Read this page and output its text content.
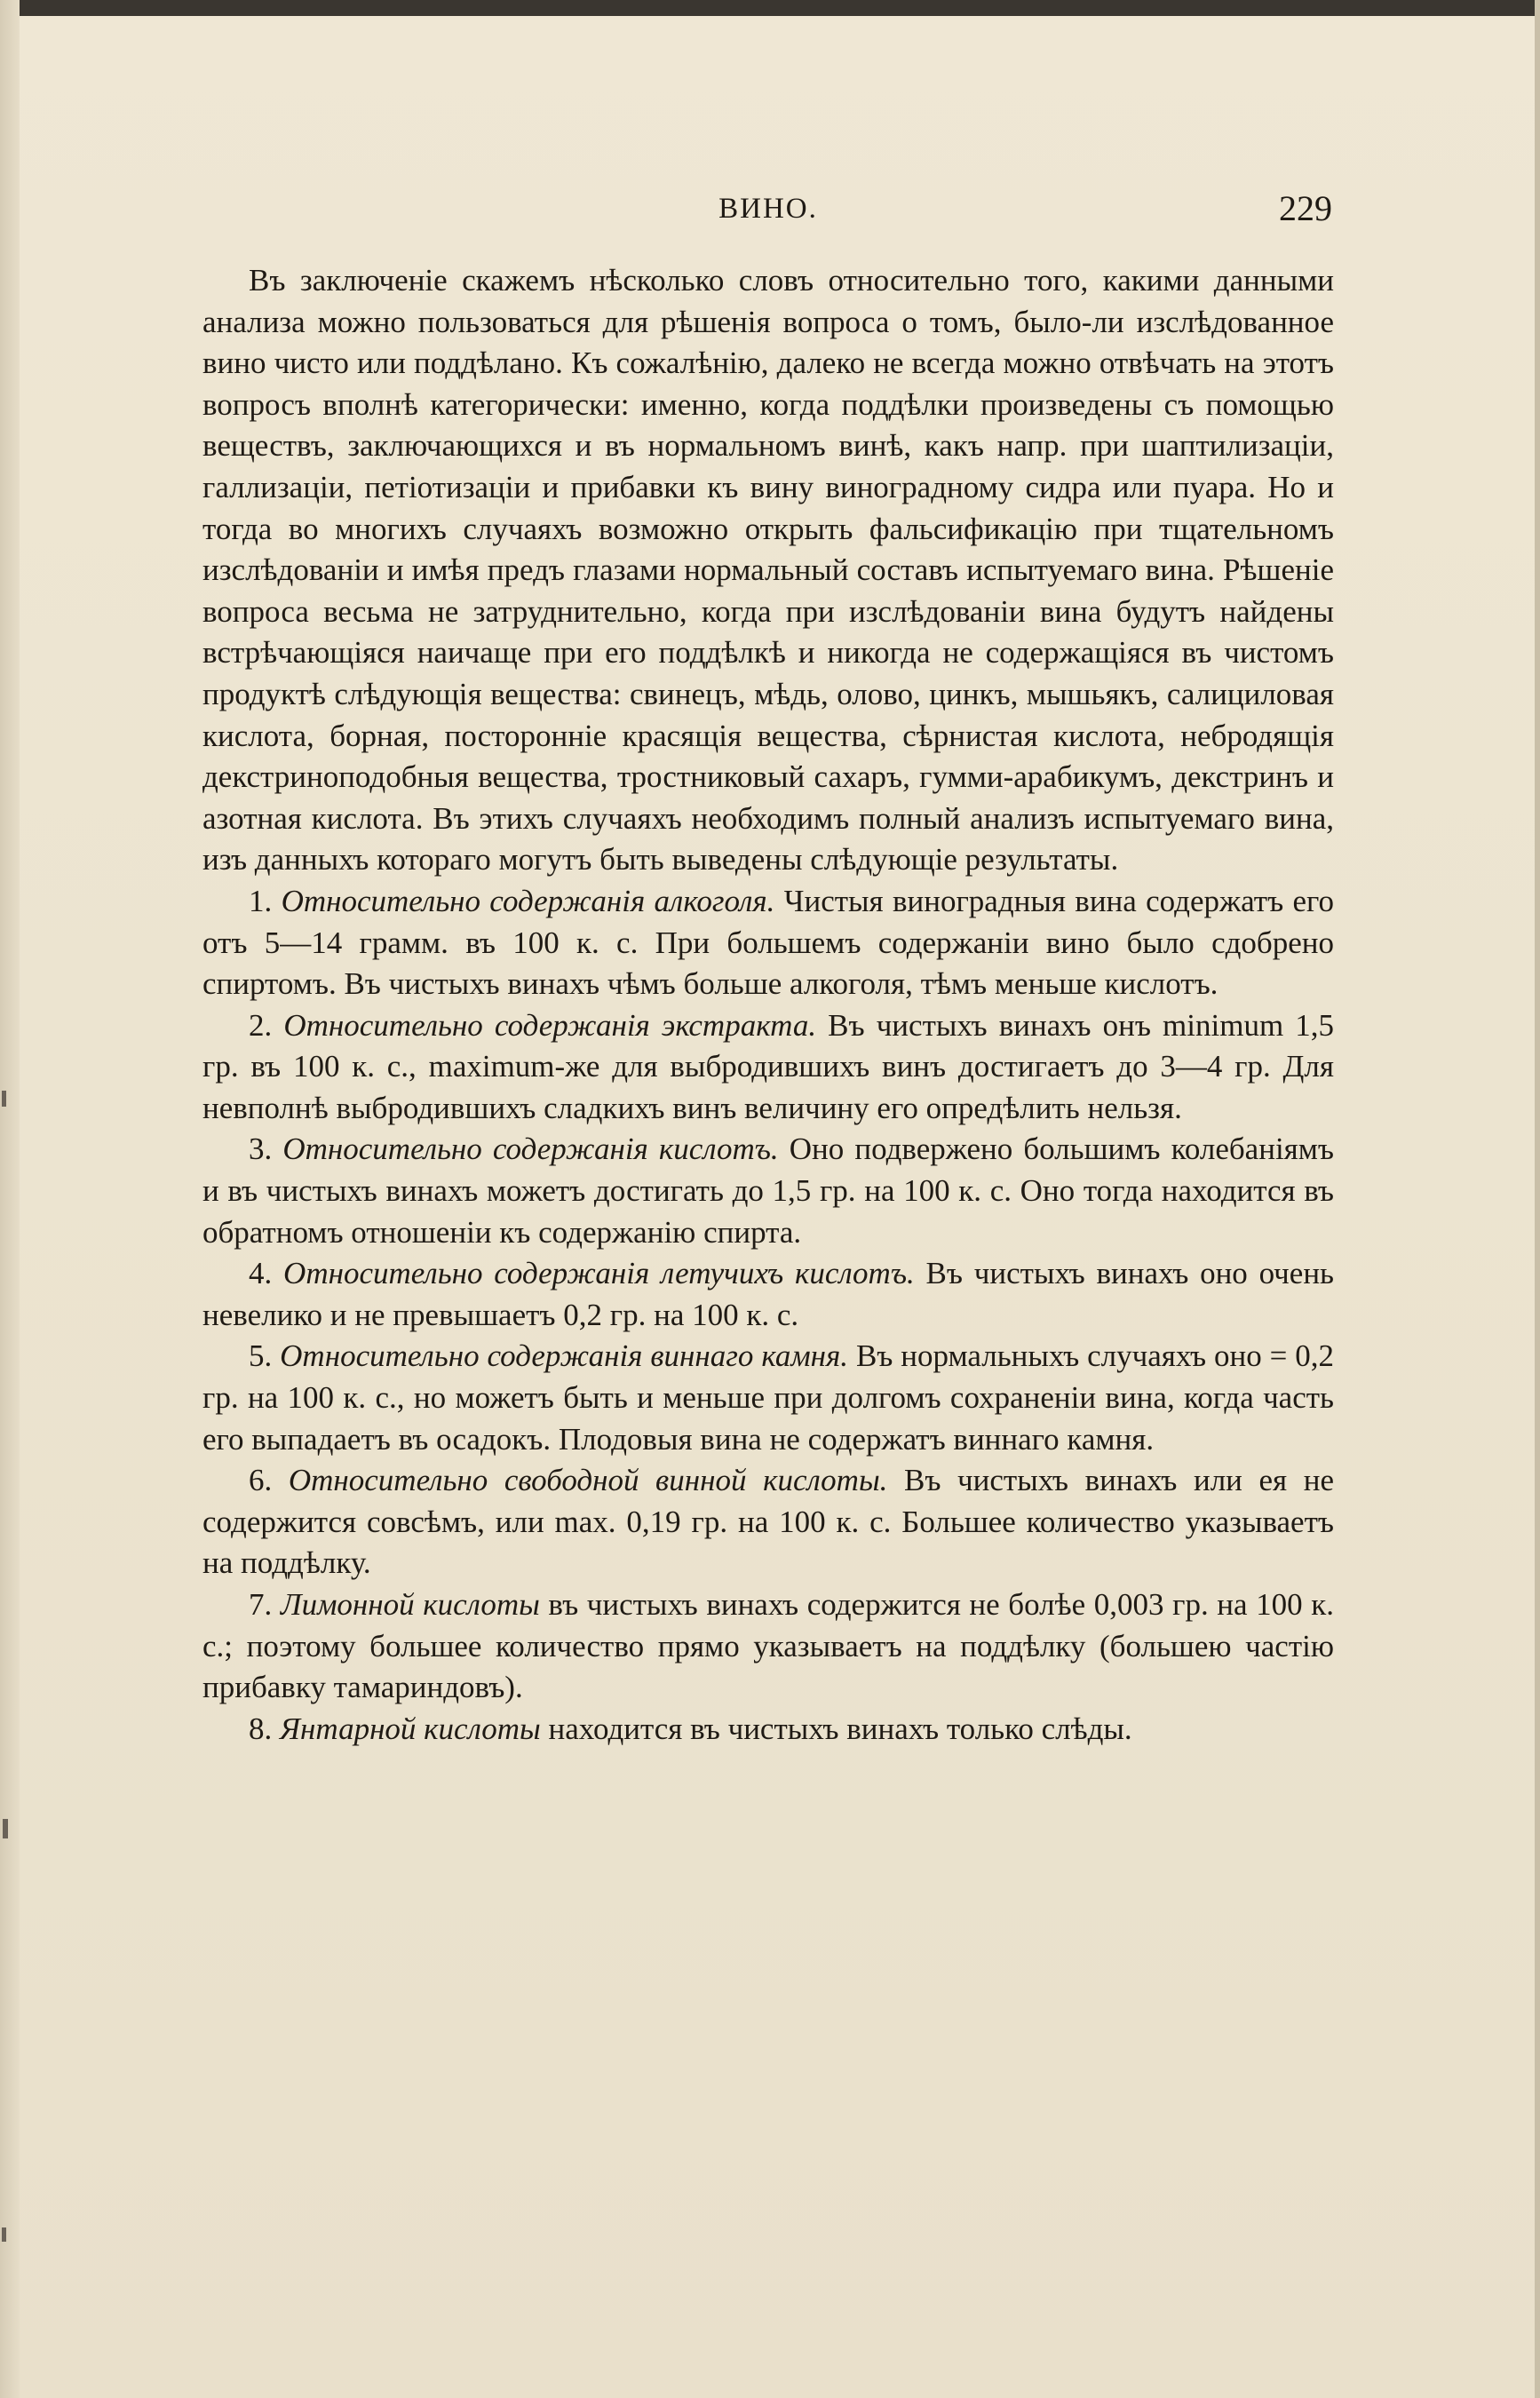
ВИНО.	229

Въ заключеніе скажемъ нѣсколько словъ относительно того, какими данными анализа можно пользоваться для рѣшенія вопроса о томъ, было-ли изслѣдованное вино чисто или поддѣлано. Къ сожалѣнію, далеко не всегда можно отвѣчать на этотъ вопросъ вполнѣ категорически: именно, когда поддѣлки произведены съ помощью веществъ, заключающихся и въ нормальномъ винѣ, какъ напр. при шаптилизаціи, галлизаціи, петіотизаціи и прибавки къ вину виноградному сидра или пуара. Но и тогда во многихъ случаяхъ возможно открыть фальсификацію при тщательномъ изслѣдованіи и имѣя предъ глазами нормальный составъ испытуемаго вина. Рѣшеніе вопроса весьма не затруднительно, когда при изслѣдованіи вина будутъ найдены встрѣчающіяся наичаще при его поддѣлкѣ и никогда не содержащіяся въ чистомъ продуктѣ слѣдующія вещества: свинецъ, мѣдь, олово, цинкъ, мышьякъ, салициловая кислота, борная, посторонніе красящія вещества, сѣрнистая кислота, небродящія декстриноподобныя вещества, тростниковый сахаръ, гумми-арабикумъ, декстринъ и азотная кислота. Въ этихъ случаяхъ необходимъ полный анализъ испытуемаго вина, изъ данныхъ котораго могутъ быть выведены слѣдующіе результаты.

1. Относительно содержанія алкоголя. Чистыя виноградныя вина содержатъ его отъ 5—14 грамм. въ 100 к. с. При большемъ содержаніи вино было сдобрено спиртомъ. Въ чистыхъ винахъ чѣмъ больше алкоголя, тѣмъ меньше кислотъ.

2. Относительно содержанія экстракта. Въ чистыхъ винахъ онъ minimum 1,5 гр. въ 100 к. с., maximum-же для выбродившихъ винъ достигаетъ до 3—4 гр. Для невполнѣ выбродившихъ сладкихъ винъ величину его опредѣлить нельзя.

3. Относительно содержанія кислотъ. Оно подвержено большимъ колебаніямъ и въ чистыхъ винахъ можетъ достигать до 1,5 гр. на 100 к. с. Оно тогда находится въ обратномъ отношеніи къ содержанію спирта.

4. Относительно содержанія летучихъ кислотъ. Въ чистыхъ винахъ оно очень невелико и не превышаетъ 0,2 гр. на 100 к. с.

5. Относительно содержанія виннаго камня. Въ нормальныхъ случаяхъ оно = 0,2 гр. на 100 к. с., но можетъ быть и меньше при долгомъ сохраненіи вина, когда часть его выпадаетъ въ осадокъ. Плодовыя вина не содержатъ виннаго камня.

6. Относительно свободной винной кислоты. Въ чистыхъ винахъ или ея не содержится совсѣмъ, или max. 0,19 гр. на 100 к. с. Большее количество указываетъ на поддѣлку.

7. Лимонной кислоты въ чистыхъ винахъ содержится не болѣе 0,003 гр. на 100 к. с.; поэтому большее количество прямо указываетъ на поддѣлку (большею частію прибавку тамариндовъ).

8. Янтарной кислоты находится въ чистыхъ винахъ только слѣды.
